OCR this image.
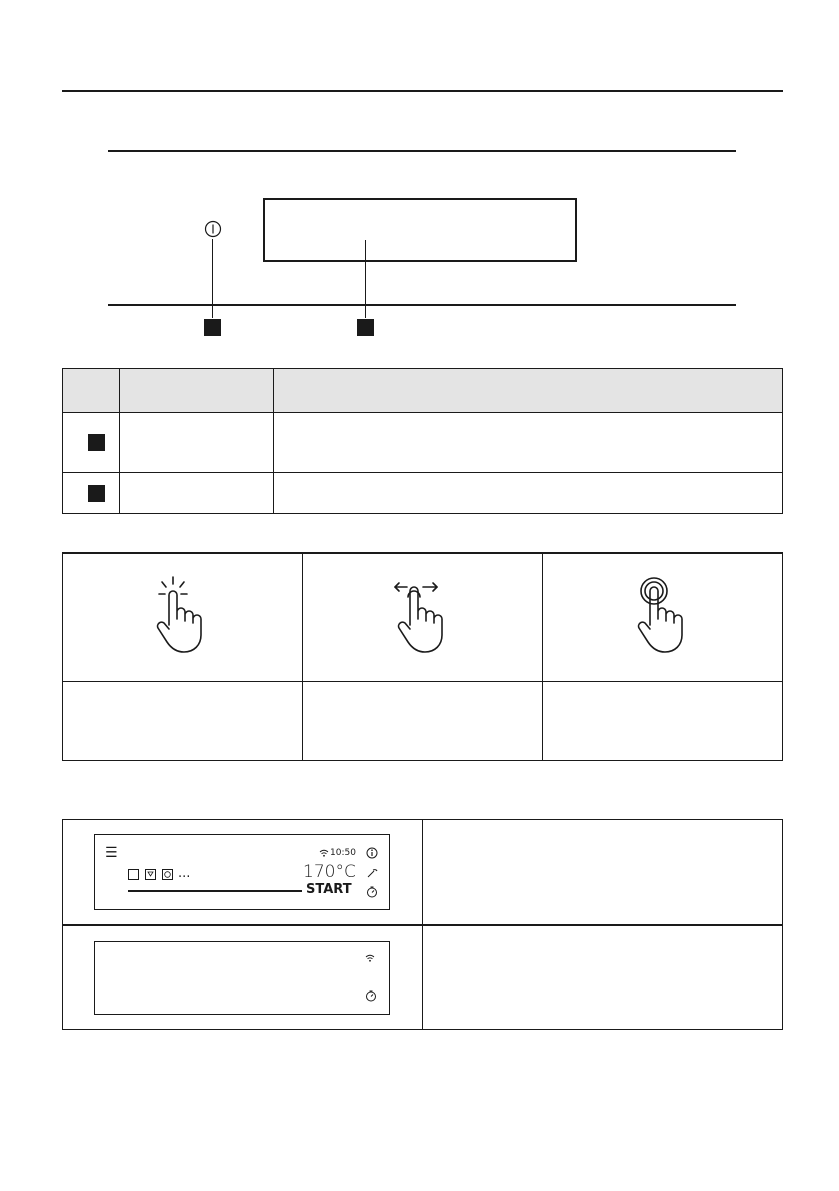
☰ 10:50
... 170°C
START	
